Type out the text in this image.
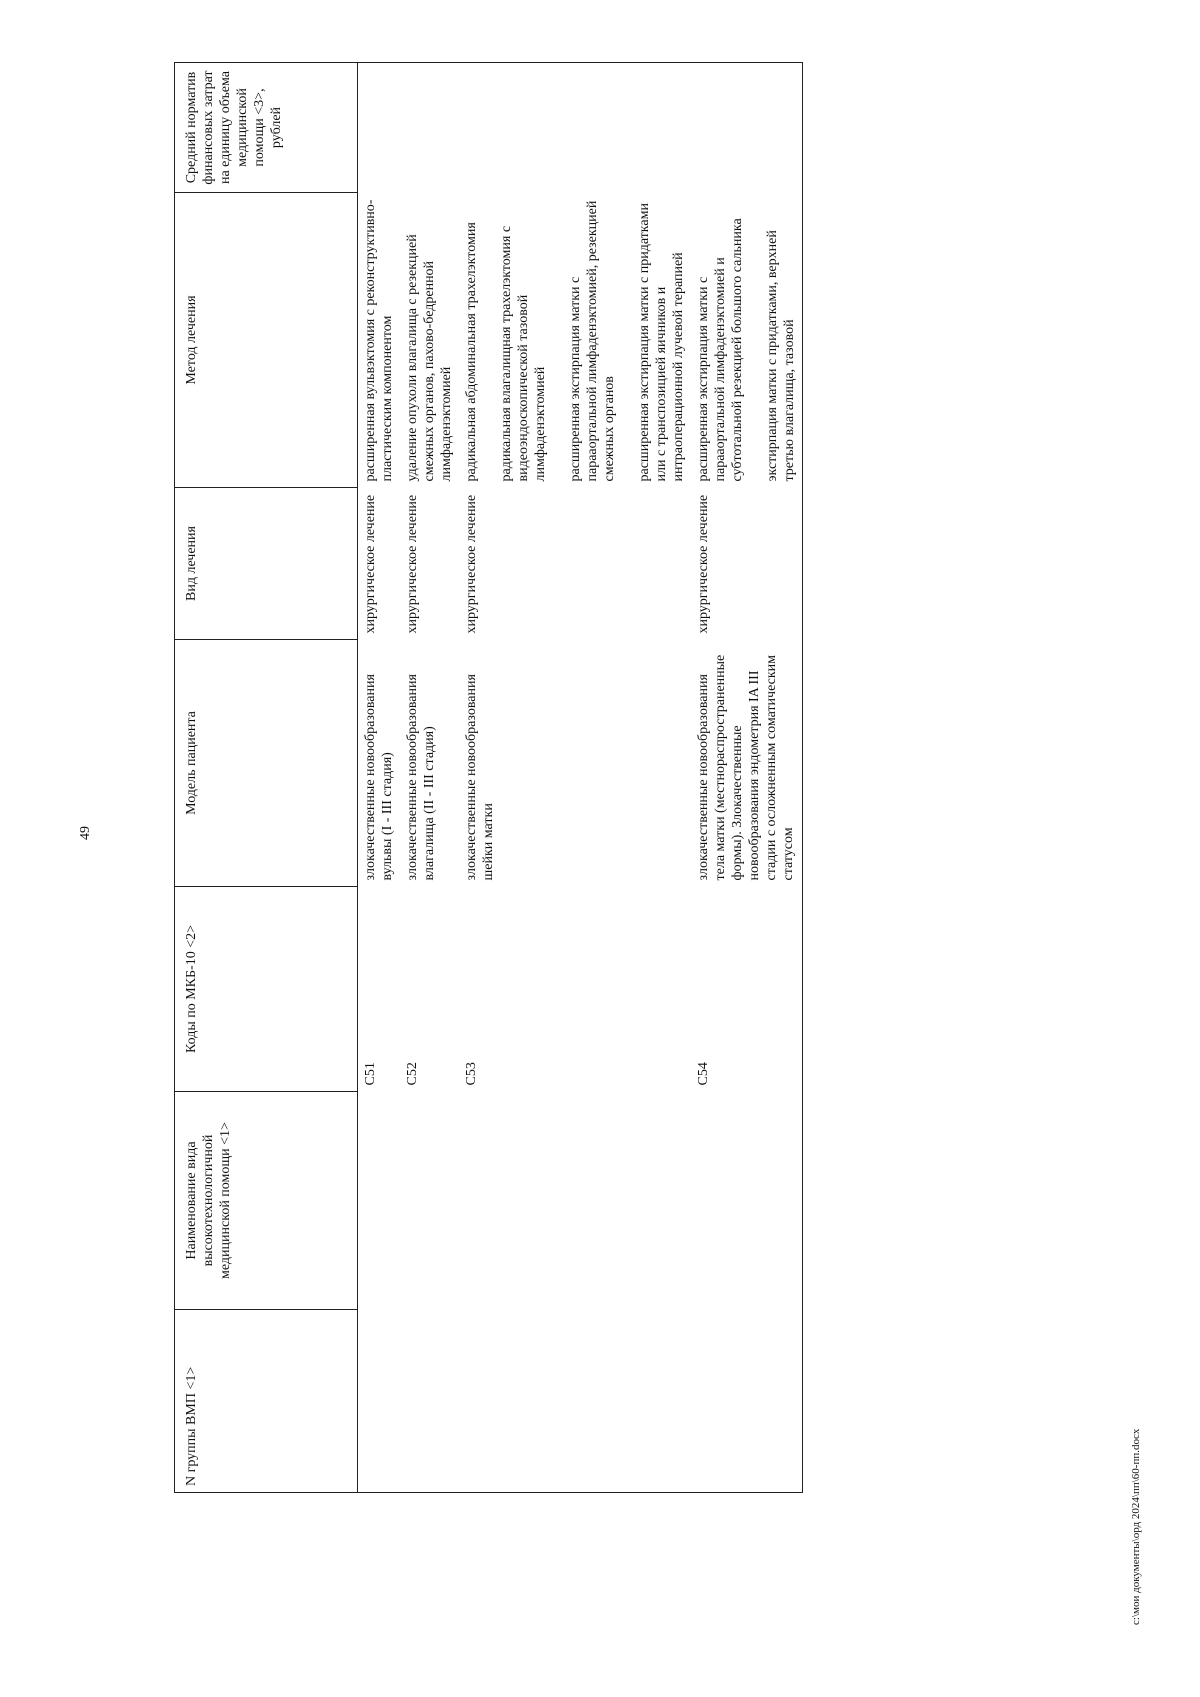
49
N группы ВМП <1>	Наименование вида высокотехнологичной медицинской помощи <1>	Коды по МКБ-10 <2>	Модель пациента	Вид лечения	Метод лечения	Средний норматив финансовых затрат на единицу объема медицинской помощи <3>, рублей
		C51	злокачественные новообразования вульвы (I - III стадия)	хирургическое лечение	расширенная вульвэктомия с реконструктивно-пластическим компонентом	

		C52	злокачественные новообразования влагалища (II - III стадия)	хирургическое лечение	удаление опухоли влагалища с резекцией смежных органов, пахово-бедренной лимфаденэктомией	

		C53	злокачественные новообразования шейки матки	хирургическое лечение	радикальная абдоминальная трахелэктомия радикальная влагалищная трахелэктомия с видеоэндоскопической тазовой лимфаденэктомией расширенная экстирпация матки с парааортальной лимфаденэктомией, резекцией смежных органов расширенная экстирпация матки с придатками или с транспозицией яичников и интраоперационной лучевой терапией	

		C54	злокачественные новообразования тела матки (местнораспространенные формы). Злокачественные новообразования эндометрия IA III стадии с осложненным соматическим статусом	хирургическое лечение	расширенная экстирпация матки с парааортальной лимфаденэктомией и субтотальной резекцией большого сальника экстирпация матки с придатками, верхней третью влагалища, тазовой	

c:\мои документы\орд 2024\пп\60-пп.docx
